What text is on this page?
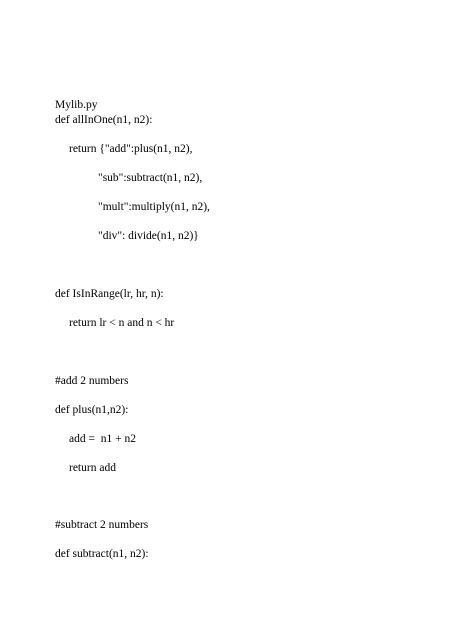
Mylib.py
def allInOne(n1, n2):
return {"add":plus(n1, n2),
"sub":subtract(n1, n2),
"mult":multiply(n1, n2),
"div": divide(n1, n2)}
def IsInRange(lr, hr, n):
return lr < n and n < hr
#add 2 numbers
def plus(n1,n2):
add =  n1 + n2
return add
#subtract 2 numbers
def subtract(n1, n2):
